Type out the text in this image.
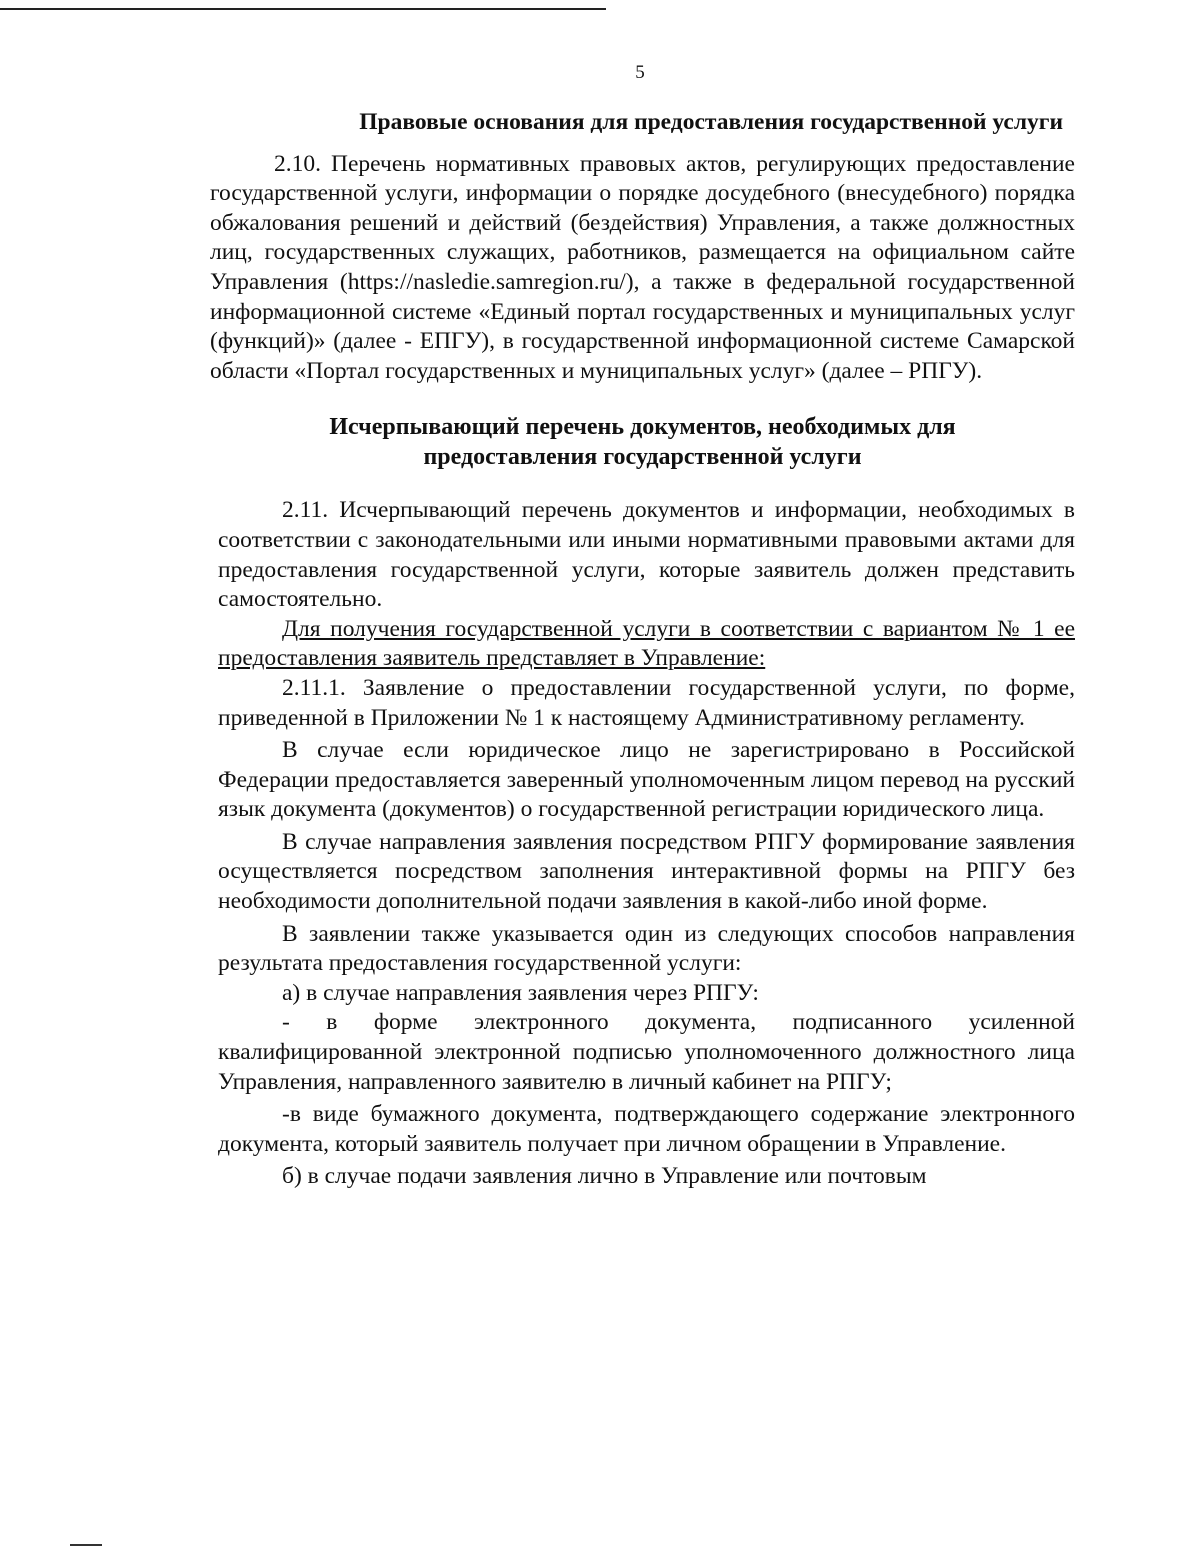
5

Правовые основания для предоставления государственной услуги

2.10. Перечень нормативных правовых актов, регулирующих предоставление государственной услуги, информации о порядке досудебного (внесудебного) порядка обжалования решений и действий (бездействия) Управления, а также должностных лиц, государственных служащих, работников, размещается на официальном сайте Управления (https://nasledie.samregion.ru/), а также в федеральной государственной информационной системе «Единый портал государственных и муниципальных услуг (функций)» (далее - ЕПГУ), в государственной информационной системе Самарской области «Портал государственных и муниципальных услуг» (далее – РПГУ).

Исчерпывающий перечень документов, необходимых для
предоставления государственной услуги

2.11. Исчерпывающий перечень документов и информации, необходимых в соответствии с законодательными или иными нормативными правовыми актами для предоставления государственной услуги, которые заявитель должен представить самостоятельно.

Для получения государственной услуги в соответствии с вариантом № 1 ее предоставления заявитель представляет в Управление:

2.11.1. Заявление о предоставлении государственной услуги, по форме, приведенной в Приложении № 1 к настоящему Административному регламенту.

В случае если юридическое лицо не зарегистрировано в Российской Федерации предоставляется заверенный уполномоченным лицом перевод на русский язык документа (документов) о государственной регистрации юридического лица.

В случае направления заявления посредством РПГУ формирование заявления осуществляется посредством заполнения интерактивной формы на РПГУ без необходимости дополнительной подачи заявления в какой-либо иной форме.

В заявлении также указывается один из следующих способов направления результата предоставления государственной услуги:

а) в случае направления заявления через РПГУ:

- в форме электронного документа, подписанного усиленной квалифицированной электронной подписью уполномоченного должностного лица Управления, направленного заявителю в личный кабинет на РПГУ;

-в виде бумажного документа, подтверждающего содержание электронного документа, который заявитель получает при личном обращении в Управление.

б) в случае подачи заявления лично в Управление или почтовым
